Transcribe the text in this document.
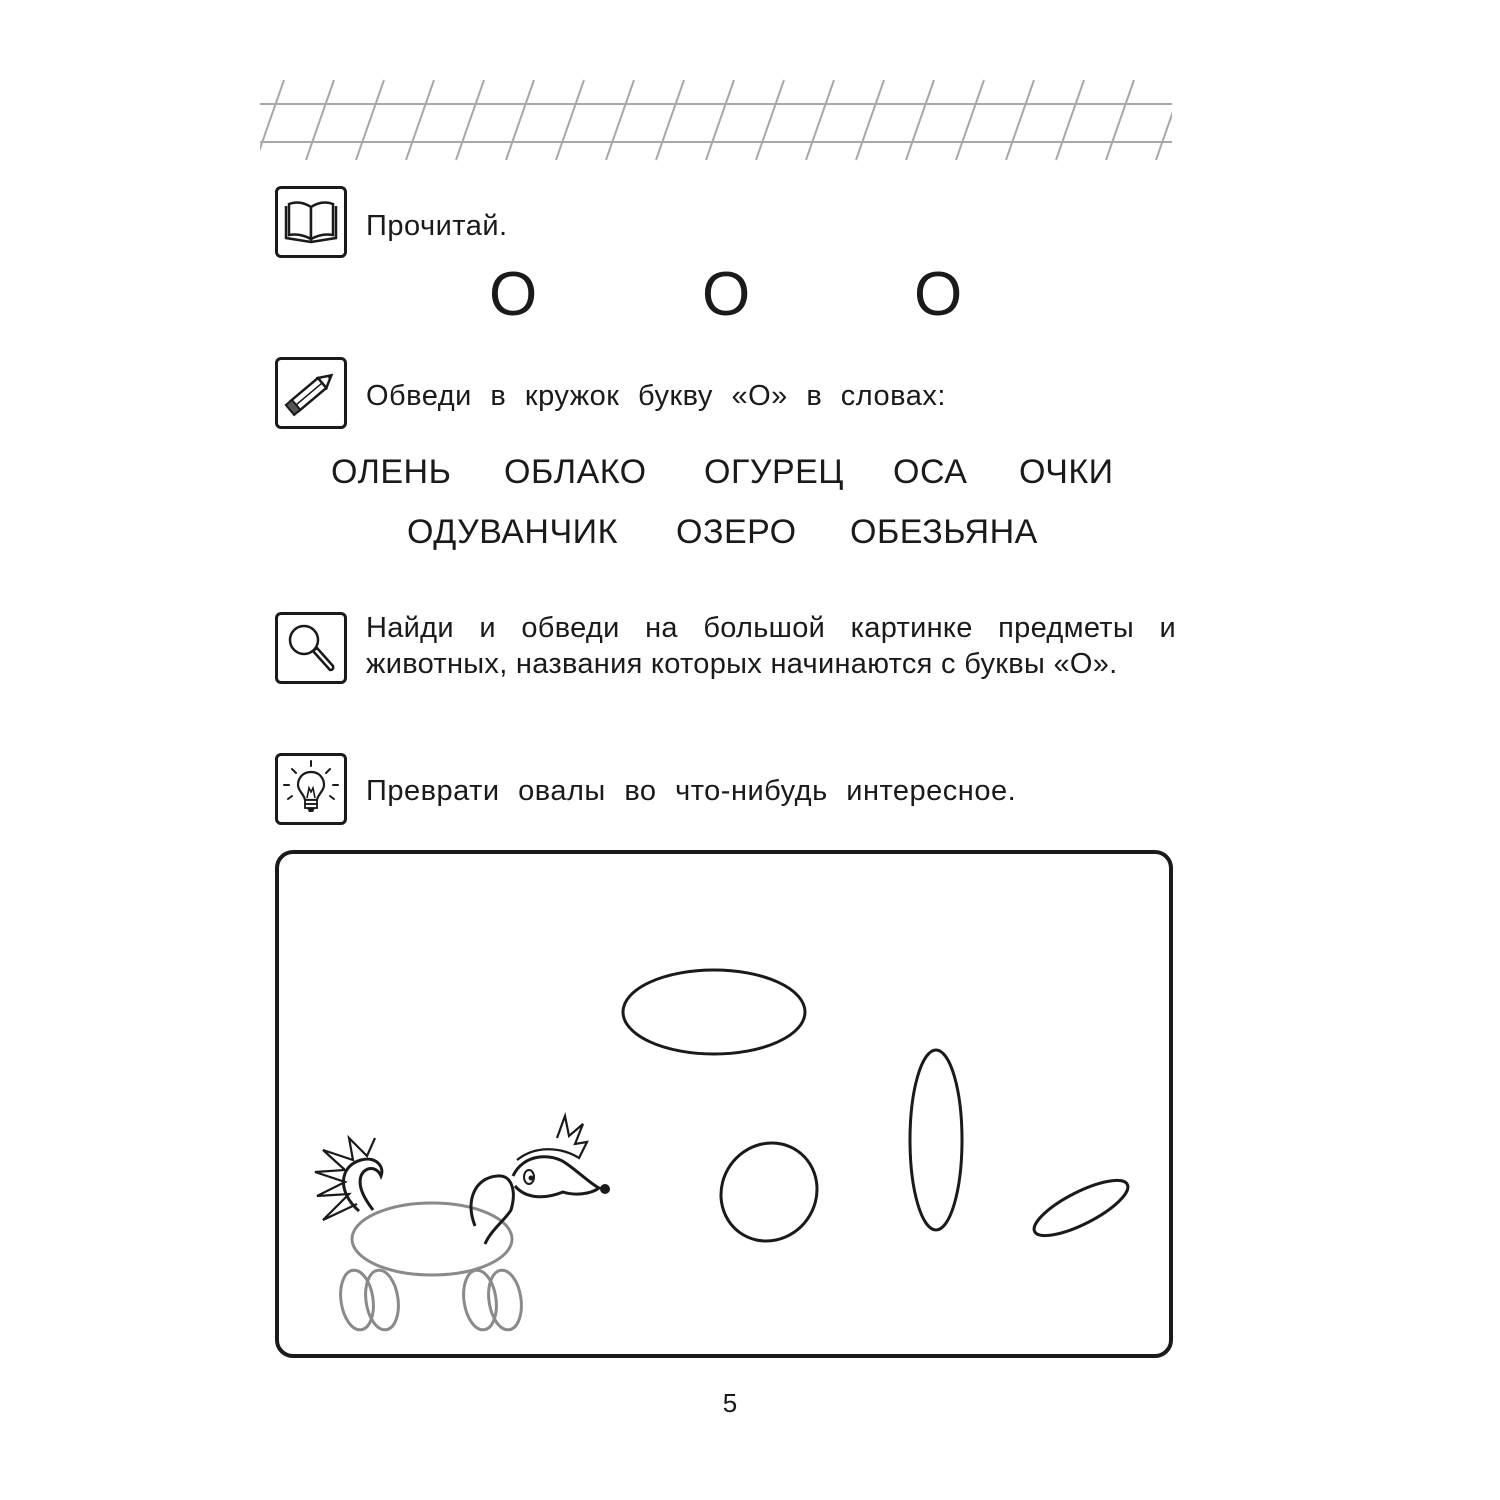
Прочитай.
О	О	О
Обведи в кружок букву «О» в словах:
ОЛЕНЬ ОБЛАКО ОГУРЕЦ ОСА ОЧКИ
ОДУВАНЧИК ОЗЕРО ОБЕЗЬЯНА
Найди и обведи на большой картинке предметы и животных, названия которых начинаются с буквы «О».
Преврати овалы во что-нибудь интересное.
5
